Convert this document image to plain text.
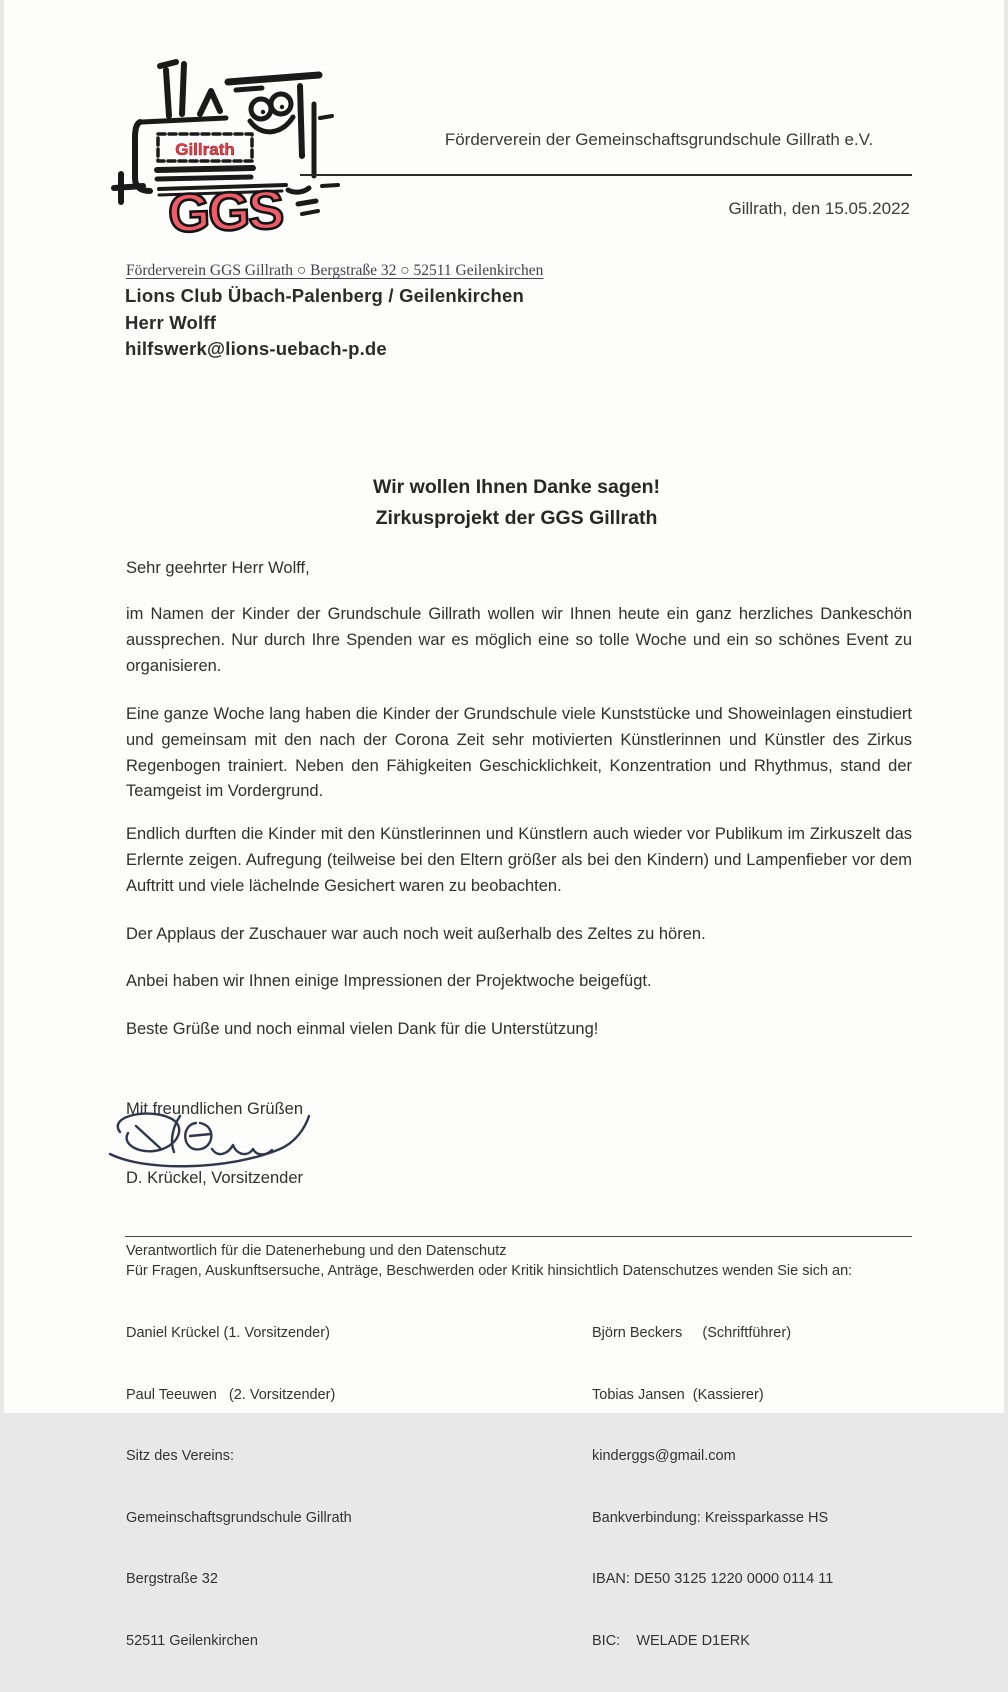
Gillrath
GGS
Förderverein der Gemeinschaftsgrundschule Gillrath e.V.
Gillrath, den 15.05.2022
Förderverein GGS Gillrath ○ Bergstraße 32 ○ 52511 Geilenkirchen
Lions Club Übach-Palenberg / Geilenkirchen
Herr Wolff
hilfswerk@lions-uebach-p.de
Wir wollen Ihnen Danke sagen!
Zirkusprojekt der GGS Gillrath
Sehr geehrter Herr Wolff,
im Namen der Kinder der Grundschule Gillrath wollen wir Ihnen heute ein ganz herzliches Dankeschön aussprechen. Nur durch Ihre Spenden war es möglich eine so tolle Woche und ein so schönes Event zu organisieren.
Eine ganze Woche lang haben die Kinder der Grundschule viele Kunststücke und Showeinlagen einstudiert und gemeinsam mit den nach der Corona Zeit sehr motivierten Künstlerinnen und Künstler des Zirkus Regenbogen trainiert. Neben den Fähigkeiten Geschicklichkeit, Konzentration und Rhythmus, stand der Teamgeist im Vordergrund.
Endlich durften die Kinder mit den Künstlerinnen und Künstlern auch wieder vor Publikum im Zirkuszelt das Erlernte zeigen. Aufregung (teilweise bei den Eltern größer als bei den Kindern) und Lampenfieber vor dem Auftritt und viele lächelnde Gesichert waren zu beobachten.
Der Applaus der Zuschauer war auch noch weit außerhalb des Zeltes zu hören.
Anbei haben wir Ihnen einige Impressionen der Projektwoche beigefügt.
Beste Grüße und noch einmal vielen Dank für die Unterstützung!
Mit freundlichen Grüßen
D. Krückel, Vorsitzender
Verantwortlich für die Datenerhebung und den Datenschutz
Für Fragen, Auskunftsersuche, Anträge, Beschwerden oder Kritik hinsichtlich Datenschutzes wenden Sie sich an:

Daniel Krückel (1. Vorsitzender)

Paul Teeuwen   (2. Vorsitzender)

Sitz des Vereins:

Gemeinschaftsgrundschule Gillrath

Bergstraße 32

52511 Geilenkirchen

Björn Beckers     (Schriftführer)

Tobias Jansen  (Kassierer)

kinderggs@gmail.com

Bankverbindung: Kreissparkasse HS

IBAN: DE50 3125 1220 0000 0114 11

BIC:    WELADE D1ERK
